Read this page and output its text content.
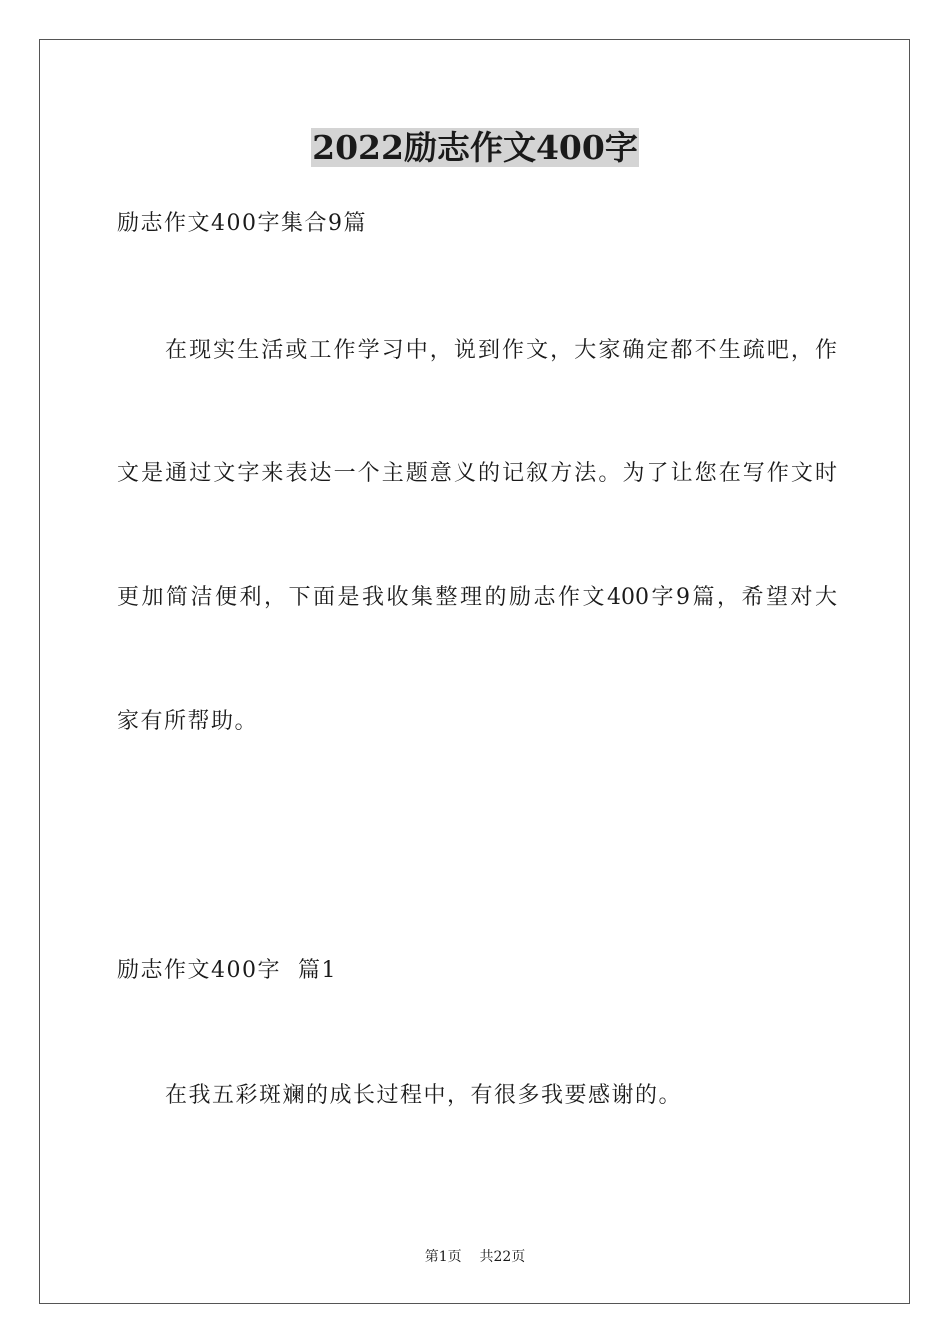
2022励志作文400字
励志作文400字集合9篇
在现实生活或工作学习中，说到作文，大家确定都不生疏吧，作
文是通过文字来表达一个主题意义的记叙方法。为了让您在写作文时
更加简洁便利，下面是我收集整理的励志作文400字9篇，希望对大
家有所帮助。
励志作文400字  篇1
在我五彩斑斓的成长过程中，有很多我要感谢的。
第1页    共22页
